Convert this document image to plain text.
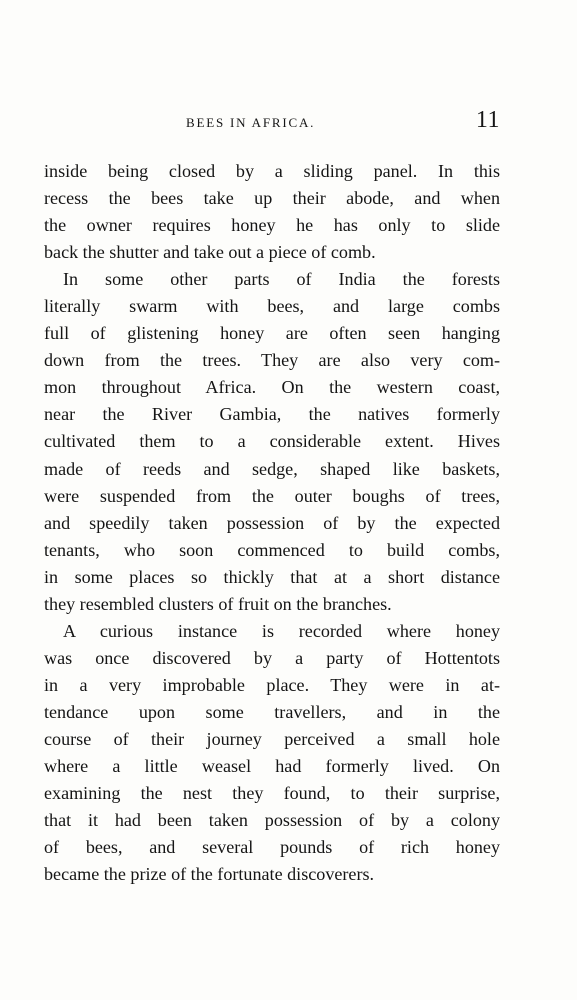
BEES IN AFRICA.	11
inside being closed by a sliding panel. In this
recess the bees take up their abode, and when
the owner requires honey he has only to slide
back the shutter and take out a piece of comb.
In some other parts of India the forests
literally swarm with bees, and large combs
full of glistening honey are often seen hanging
down from the trees. They are also very com-
mon throughout Africa. On the western coast,
near the River Gambia, the natives formerly
cultivated them to a considerable extent. Hives
made of reeds and sedge, shaped like baskets,
were suspended from the outer boughs of trees,
and speedily taken possession of by the expected
tenants, who soon commenced to build combs,
in some places so thickly that at a short distance
they resembled clusters of fruit on the branches.
A curious instance is recorded where honey
was once discovered by a party of Hottentots
in a very improbable place. They were in at-
tendance upon some travellers, and in the
course of their journey perceived a small hole
where a little weasel had formerly lived. On
examining the nest they found, to their surprise,
that it had been taken possession of by a colony
of bees, and several pounds of rich honey
became the prize of the fortunate discoverers.
